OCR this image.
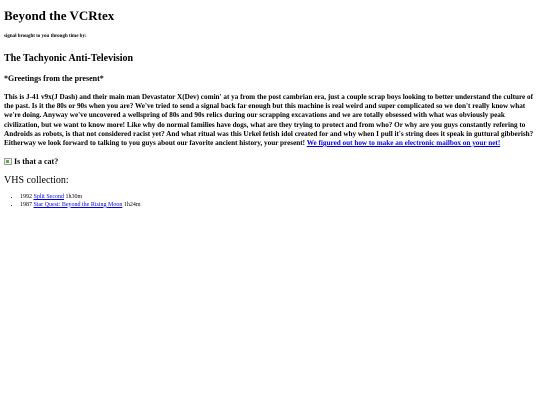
Beyond the VCRtex

signal brought to you through time by:

The Tachyonic Anti-Television

*Greetings from the present*

This is J-41 v9x(J Dash) and their main man Devastator X(Dev) comin' at ya from the post cambrian era, just a couple scrap boys looking to better understand the culture of the past. Is it the 80s or 90s when you are? We've tried to send a signal back far enough but this machine is real weird and super complicated so we don't really know what we're doing. Anyway we've uncovered a wellspring of 80s and 90s relics during our scrapping excavations and we are totally obsessed with what was obviously peak civilization, but we want to know more! Like why do normal families have dogs, what are they trying to protect and from who? Or why are you guys constantly refering to Androids as robots, is that not considered racist yet? And what ritual was this Urkel fetish idol created for and why when I pull it's string does it speak in guttural gibberish? Eitherway we look forward to talking to you guys about our favorite ancient history, your present! We figured out how to make an electronic mailbox on your net!

Is that a cat?
VHS collection:
• 1992 Split Second 1h30m
• 1987 Star Quest: Beyond the Rising Moon 1h24m
